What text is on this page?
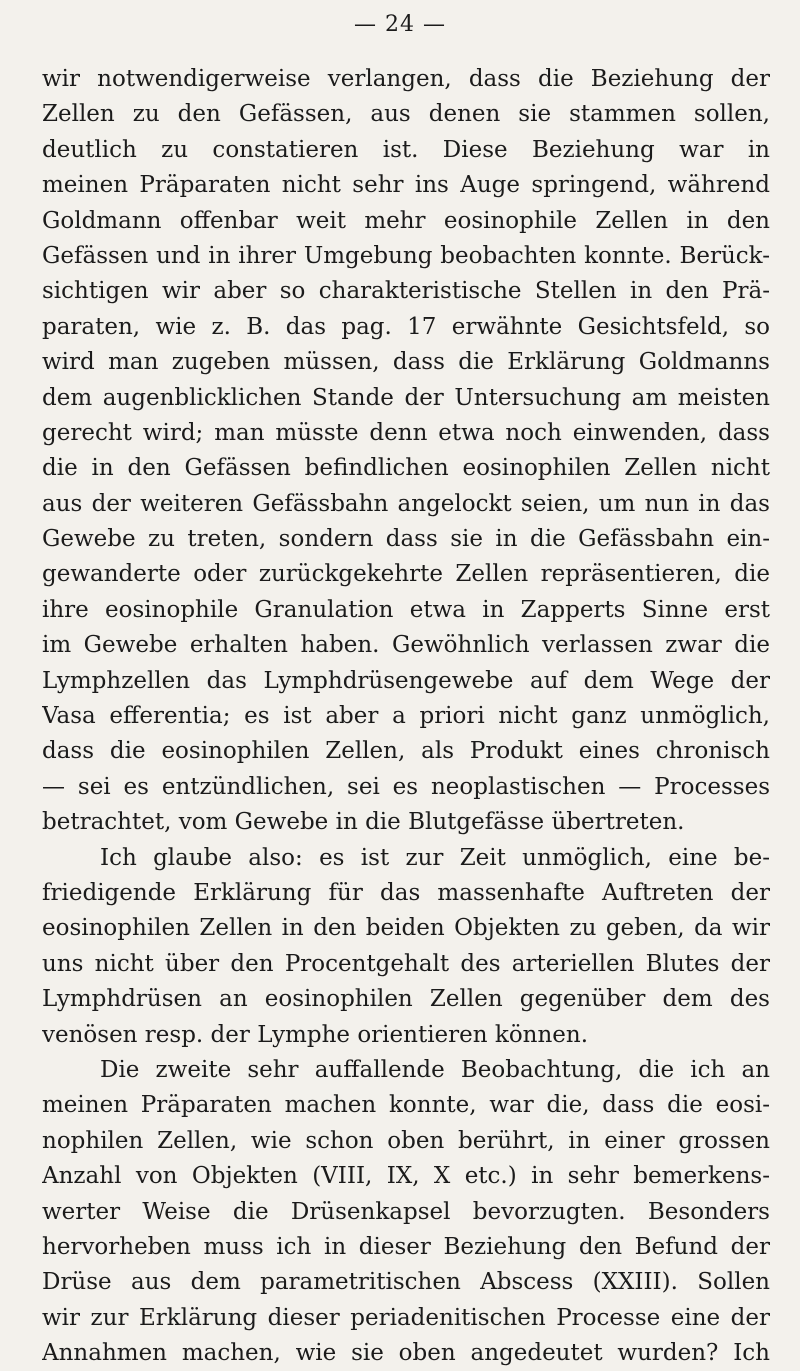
— 24 —
wir notwendigerweise verlangen, dass die Beziehung der
Zellen zu den Gefässen, aus denen sie stammen sollen,
deutlich zu constatieren ist. Diese Beziehung war in
meinen Präparaten nicht sehr ins Auge springend, während
Goldmann offenbar weit mehr eosinophile Zellen in den
Gefässen und in ihrer Umgebung beobachten konnte. Berück-
sichtigen wir aber so charakteristische Stellen in den Prä-
paraten, wie z. B. das pag. 17 erwähnte Gesichtsfeld, so
wird man zugeben müssen, dass die Erklärung Goldmanns
dem augenblicklichen Stande der Untersuchung am meisten
gerecht wird; man müsste denn etwa noch einwenden, dass
die in den Gefässen befindlichen eosinophilen Zellen nicht
aus der weiteren Gefässbahn angelockt seien, um nun in das
Gewebe zu treten, sondern dass sie in die Gefässbahn ein-
gewanderte oder zurückgekehrte Zellen repräsentieren, die
ihre eosinophile Granulation etwa in Zapperts Sinne erst
im Gewebe erhalten haben. Gewöhnlich verlassen zwar die
Lymphzellen das Lymphdrüsengewebe auf dem Wege der
Vasa efferentia; es ist aber a priori nicht ganz unmöglich,
dass die eosinophilen Zellen, als Produkt eines chronisch
— sei es entzündlichen, sei es neoplastischen — Processes
betrachtet, vom Gewebe in die Blutgefässe übertreten.
Ich glaube also: es ist zur Zeit unmöglich, eine be-
friedigende Erklärung für das massenhafte Auftreten der
eosinophilen Zellen in den beiden Objekten zu geben, da wir
uns nicht über den Procentgehalt des arteriellen Blutes der
Lymphdrüsen an eosinophilen Zellen gegenüber dem des
venösen resp. der Lymphe orientieren können.
Die zweite sehr auffallende Beobachtung, die ich an
meinen Präparaten machen konnte, war die, dass die eosi-
nophilen Zellen, wie schon oben berührt, in einer grossen
Anzahl von Objekten (VIII, IX, X etc.) in sehr bemerkens-
werter Weise die Drüsenkapsel bevorzugten. Besonders
hervorheben muss ich in dieser Beziehung den Befund der
Drüse aus dem parametritischen Abscess (XXIII). Sollen
wir zur Erklärung dieser periadenitischen Processe eine der
Annahmen machen, wie sie oben angedeutet wurden? Ich
